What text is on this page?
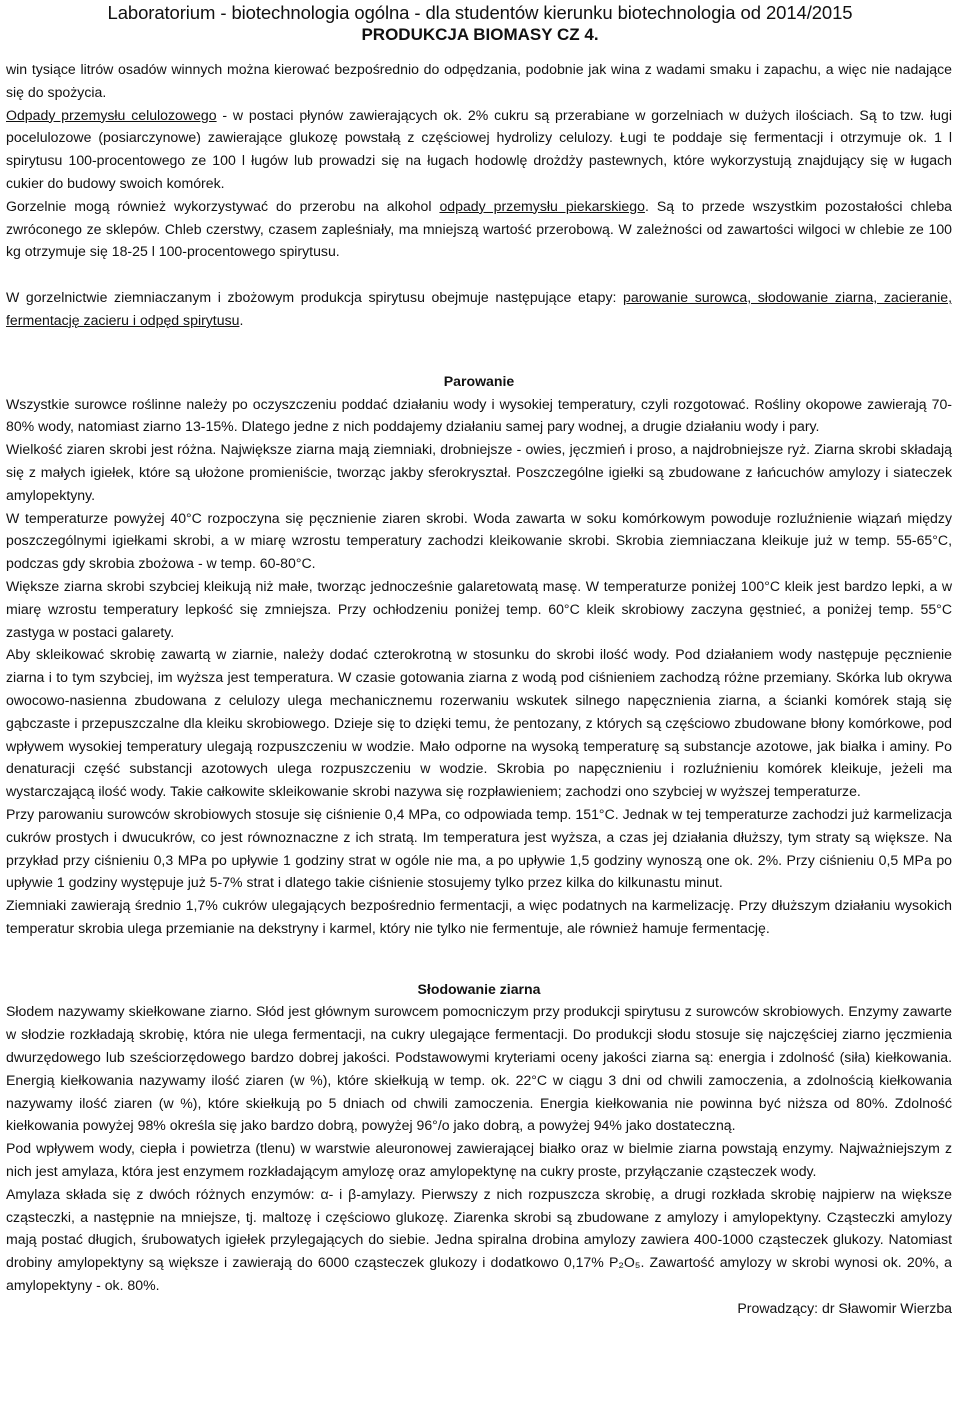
Laboratorium - biotechnologia ogólna - dla studentów kierunku biotechnologia od 2014/2015
PRODUKCJA BIOMASY CZ 4.

win tysiące litrów osadów winnych można kierować bezpośrednio do odpędzania, podobnie jak wina z wadami smaku i zapachu, a więc nie nadające się do spożycia.

Odpady przemysłu celulozowego - w postaci płynów zawierających ok. 2% cukru są przerabiane w gorzelniach w dużych ilościach. Są to tzw. ługi pocelulozowe (posiarczynowe) zawierające glukozę powstałą z częściowej hydrolizy celulozy. Ługi te poddaje się fermentacji i otrzymuje ok. 1 l spirytusu 100-procentowego ze 100 l ługów lub prowadzi się na ługach hodowlę drożdży pastewnych, które wykorzystują znajdujący się w ługach cukier do budowy swoich komórek.

Gorzelnie mogą również wykorzystywać do przerobu na alkohol odpady przemysłu piekarskiego. Są to przede wszystkim pozostałości chleba zwróconego ze sklepów. Chleb czerstwy, czasem zapleśniały, ma mniejszą wartość przerobową. W zależności od zawartości wilgoci w chlebie ze 100 kg otrzymuje się 18-25 l 100-procentowego spirytusu.

W gorzelnictwie ziemniaczanym i zbożowym produkcja spirytusu obejmuje następujące etapy: parowanie surowca, słodowanie ziarna, zacieranie, fermentację zacieru i odpęd spirytusu.

Parowanie

Wszystkie surowce roślinne należy po oczyszczeniu poddać działaniu wody i wysokiej temperatury, czyli rozgotować. Rośliny okopowe zawierają 70-80% wody, natomiast ziarno 13-15%. Dlatego jedne z nich poddajemy działaniu samej pary wodnej, a drugie działaniu wody i pary.

Wielkość ziaren skrobi jest różna. Największe ziarna mają ziemniaki, drobniejsze - owies, jęczmień i proso, a najdrobniejsze ryż. Ziarna skrobi składają się z małych igiełek, które są ułożone promieniście, tworząc jakby sferokryształ. Poszczególne igiełki są zbudowane z łańcuchów amylozy i siateczek amylopektyny.

W temperaturze powyżej 40°C rozpoczyna się pęcznienie ziaren skrobi. Woda zawarta w soku komórkowym powoduje rozluźnienie wiązań między poszczególnymi igiełkami skrobi, a w miarę wzrostu temperatury zachodzi kleikowanie skrobi. Skrobia ziemniaczana kleikuje już w temp. 55-65°C, podczas gdy skrobia zbożowa - w temp. 60-80°C.

Większe ziarna skrobi szybciej kleikują niż małe, tworząc jednocześnie galaretowatą masę. W temperaturze poniżej 100°C kleik jest bardzo lepki, a w miarę wzrostu temperatury lepkość się zmniejsza. Przy ochłodzeniu poniżej temp. 60°C kleik skrobiowy zaczyna gęstnieć, a poniżej temp. 55°C zastyga w postaci galarety.

Aby skleikować skrobię zawartą w ziarnie, należy dodać czterokrotną w stosunku do skrobi ilość wody. Pod działaniem wody następuje pęcznienie ziarna i to tym szybciej, im wyższa jest temperatura. W czasie gotowania ziarna z wodą pod ciśnieniem zachodzą różne przemiany. Skórka lub okrywa owocowo-nasienna zbudowana z celulozy ulega mechanicznemu rozerwaniu wskutek silnego napęcznienia ziarna, a ścianki komórek stają się gąbczaste i przepuszczalne dla kleiku skrobiowego. Dzieje się to dzięki temu, że pentozany, z których są częściowo zbudowane błony komórkowe, pod wpływem wysokiej temperatury ulegają rozpuszczeniu w wodzie. Mało odporne na wysoką temperaturę są substancje azotowe, jak białka i aminy. Po denaturacji część substancji azotowych ulega rozpuszczeniu w wodzie. Skrobia po napęcznieniu i rozluźnieniu komórek kleikuje, jeżeli ma wystarczającą ilość wody. Takie całkowite skleikowanie skrobi nazywa się rozpławieniem; zachodzi ono szybciej w wyższej temperaturze.

Przy parowaniu surowców skrobiowych stosuje się ciśnienie 0,4 MPa, co odpowiada temp. 151°C. Jednak w tej temperaturze zachodzi już karmelizacja cukrów prostych i dwucukrów, co jest równoznaczne z ich stratą. Im temperatura jest wyższa, a czas jej działania dłuższy, tym straty są większe. Na przykład przy ciśnieniu 0,3 MPa po upływie 1 godziny strat w ogóle nie ma, a po upływie 1,5 godziny wynoszą one ok. 2%. Przy ciśnieniu 0,5 MPa po upływie 1 godziny występuje już 5-7% strat i dlatego takie ciśnienie stosujemy tylko przez kilka do kilkunastu minut.

Ziemniaki zawierają średnio 1,7% cukrów ulegających bezpośrednio fermentacji, a więc podatnych na karmelizację. Przy dłuższym działaniu wysokich temperatur skrobia ulega przemianie na dekstryny i karmel, który nie tylko nie fermentuje, ale również hamuje fermentację.

Słodowanie ziarna

Słodem nazywamy skiełkowane ziarno. Słód jest głównym surowcem pomocniczym przy produkcji spirytusu z surowców skrobiowych. Enzymy zawarte w słodzie rozkładają skrobię, która nie ulega fermentacji, na cukry ulegające fermentacji. Do produkcji słodu stosuje się najczęściej ziarno jęczmienia dwurzędowego lub sześciorzędowego bardzo dobrej jakości. Podstawowymi kryteriami oceny jakości ziarna są: energia i zdolność (siła) kiełkowania. Energią kiełkowania nazywamy ilość ziaren (w %), które skiełkują w temp. ok. 22°C w ciągu 3 dni od chwili zamoczenia, a zdolnością kiełkowania nazywamy ilość ziaren (w %), które skiełkują po 5 dniach od chwili zamoczenia. Energia kiełkowania nie powinna być niższa od 80%. Zdolność kiełkowania powyżej 98% określa się jako bardzo dobrą, powyżej 96°/o jako dobrą, a powyżej 94% jako dostateczną.

Pod wpływem wody, ciepła i powietrza (tlenu) w warstwie aleuronowej zawierającej białko oraz w bielmie ziarna powstają enzymy. Najważniejszym z nich jest amylaza, która jest enzymem rozkładającym amylozę oraz amylopektynę na cukry proste, przyłączanie cząsteczek wody.

Amylaza składa się z dwóch różnych enzymów: α- i β-amylazy. Pierwszy z nich rozpuszcza skrobię, a drugi rozkłada skrobię najpierw na większe cząsteczki, a następnie na mniejsze, tj. maltozę i częściowo glukozę. Ziarenka skrobi są zbudowane z amylozy i amylopektyny. Cząsteczki amylozy mają postać długich, śrubowatych igiełek przylegających do siebie. Jedna spiralna drobina amylozy zawiera 400-1000 cząsteczek glukozy. Natomiast drobiny amylopektyny są większe i zawierają do 6000 cząsteczek glukozy i dodatkowo 0,17% P₂O₅. Zawartość amylozy w skrobi wynosi ok. 20%, a amylopektyny - ok. 80%.

Prowadzący: dr Sławomir Wierzba
